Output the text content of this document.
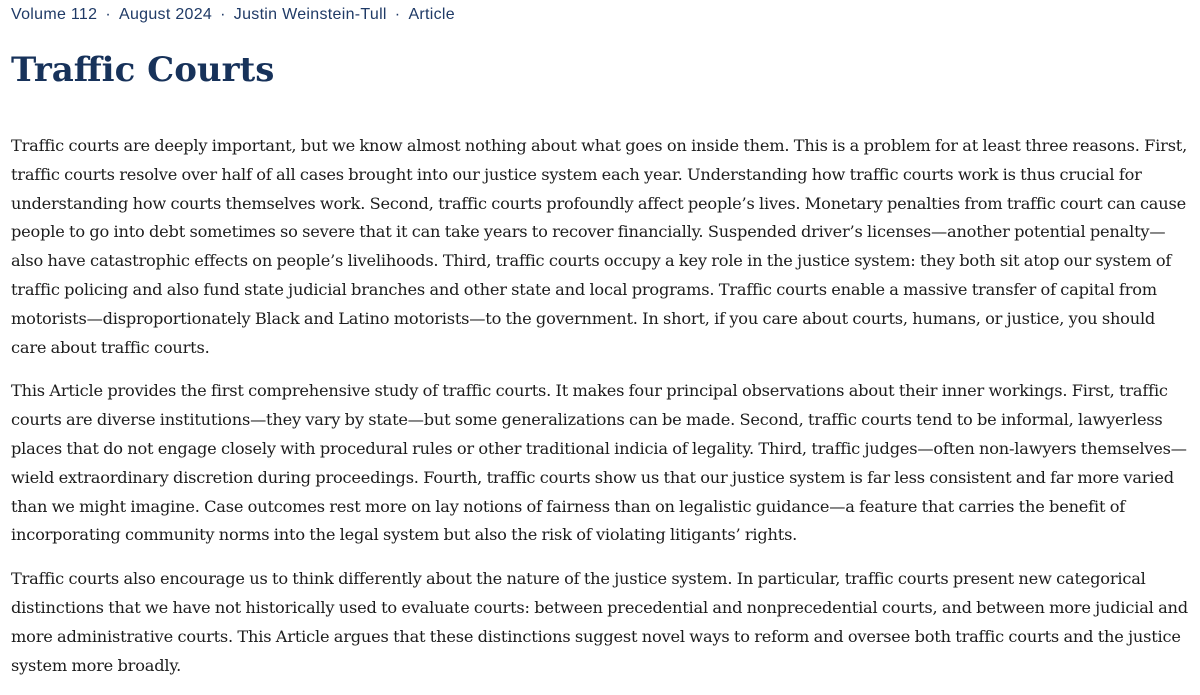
Volume 112 · August 2024 · Justin Weinstein-Tull · Article
Traffic Courts

Traffic courts are deeply important, but we know almost nothing about what goes on inside them. This is a problem for at least three reasons. First, traffic courts resolve over half of all cases brought into our justice system each year. Understanding how traffic courts work is thus crucial for understanding how courts themselves work. Second, traffic courts profoundly affect people’s lives. Monetary penalties from traffic court can cause people to go into debt sometimes so severe that it can take years to recover financially. Suspended driver’s licenses—another potential penalty—also have catastrophic effects on people’s livelihoods. Third, traffic courts occupy a key role in the justice system: they both sit atop our system of traffic policing and also fund state judicial branches and other state and local programs. Traffic courts enable a massive transfer of capital from motorists—disproportionately Black and Latino motorists—to the government. In short, if you care about courts, humans, or justice, you should care about traffic courts.

This Article provides the first comprehensive study of traffic courts. It makes four principal observations about their inner workings. First, traffic courts are diverse institutions—they vary by state—but some generalizations can be made. Second, traffic courts tend to be informal, lawyerless places that do not engage closely with procedural rules or other traditional indicia of legality. Third, traffic judges—often non-lawyers themselves—wield extraordinary discretion during proceedings. Fourth, traffic courts show us that our justice system is far less consistent and far more varied than we might imagine. Case outcomes rest more on lay notions of fairness than on legalistic guidance—a feature that carries the benefit of incorporating community norms into the legal system but also the risk of violating litigants’ rights.

Traffic courts also encourage us to think differently about the nature of the justice system. In particular, traffic courts present new categorical distinctions that we have not historically used to evaluate courts: between precedential and nonprecedential courts, and between more judicial and more administrative courts. This Article argues that these distinctions suggest novel ways to reform and oversee both traffic courts and the justice system more broadly.
